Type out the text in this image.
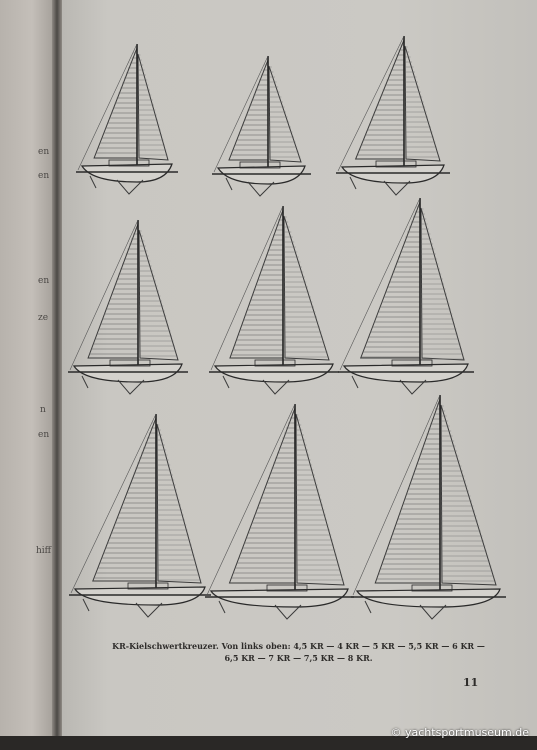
en
en
en
ze
n
en
hiff
KR-Kielschwertkreuzer. Von links oben: 4,5 KR — 4 KR — 5 KR — 5,5 KR — 6 KR —
6,5 KR — 7 KR — 7,5 KR — 8 KR.
11
© yachtsportmuseum.de
